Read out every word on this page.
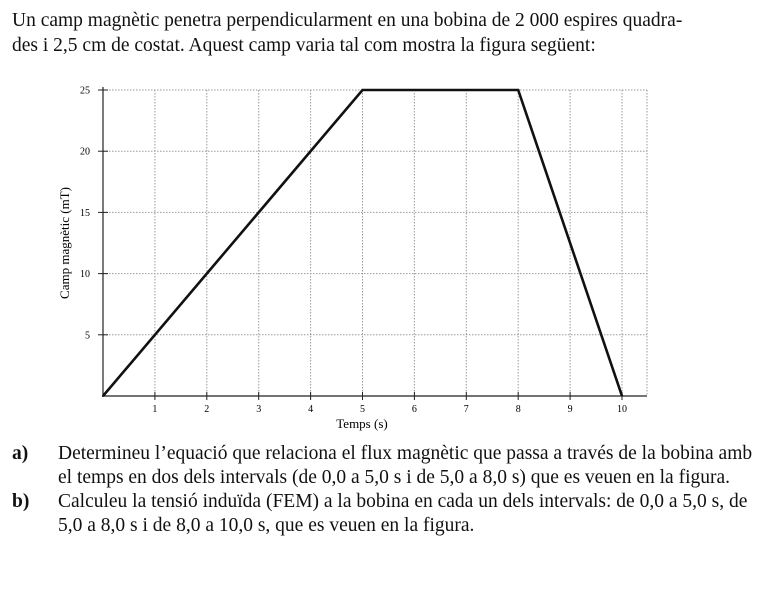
Un camp magnètic penetra perpendicularment en una bobina de 2 000 espires quadra-
des i 2,5 cm de costat. Aquest camp varia tal com mostra la figura següent:

1	2	3	4	5	6	7	8	9	10
5
10
15
20
25
Temps (s)
Camp magnètic (mT)
a)	Determineu l’equació que relaciona el flux magnètic que passa a través de la bobina amb el temps en dos dels intervals (de 0,0 a 5,0 s i de 5,0 a 8,0 s) que es veuen en la figura.
b)	Calculeu la tensió induïda (FEM) a la bobina en cada un dels intervals: de 0,0 a 5,0 s, de 5,0 a 8,0 s i de 8,0 a 10,0 s, que es veuen en la figura.
